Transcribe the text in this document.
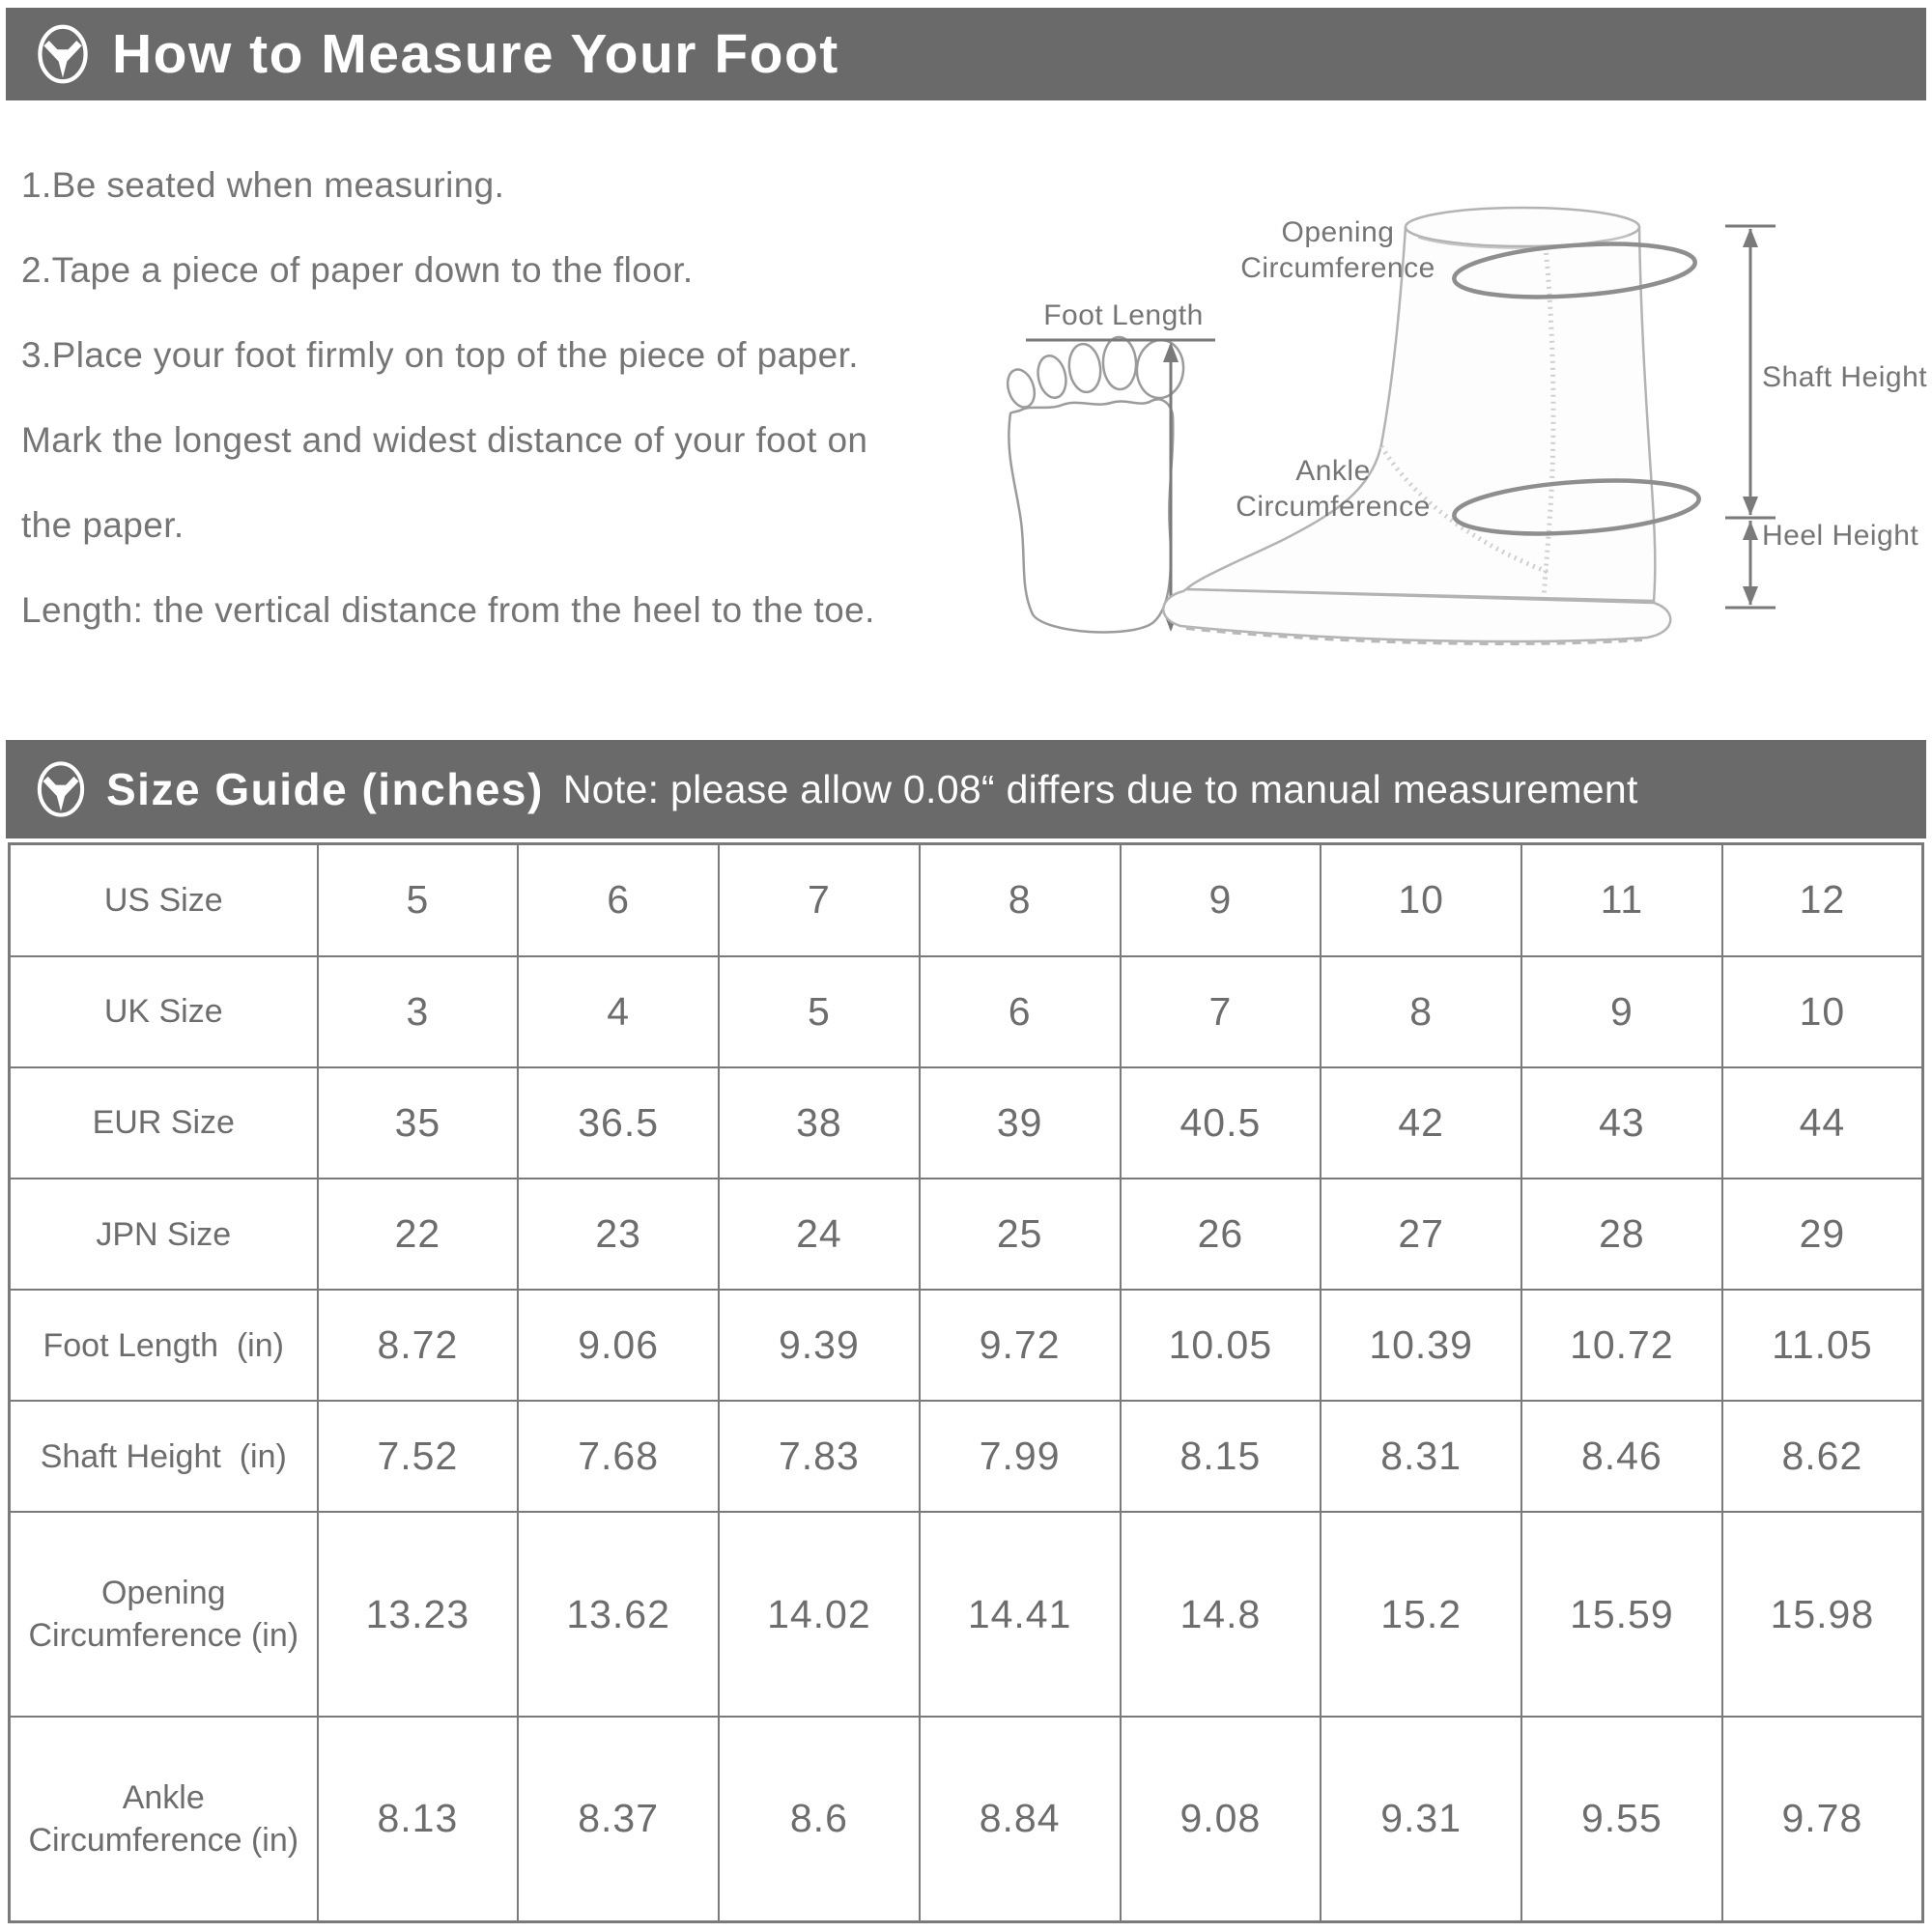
How to Measure Your Foot
1.Be seated when measuring.
2.Tape a piece of paper down to the floor.
3.Place your foot firmly on top of the piece of paper.
Mark the longest and widest distance of your foot on
the paper.
Length: the vertical distance from the heel to the toe.
Foot Length
Opening
Circumference
Ankle
Circumference
Shaft Height
Heel Height
Size Guide (inches) Note: please allow 0.08“ differs due to manual measurement
US Size	5	6	7	8	9	10	11	12
UK Size	3	4	5	6	7	8	9	10
EUR Size	35	36.5	38	39	40.5	42	43	44
JPN Size	22	23	24	25	26	27	28	29
Foot Length  (in)	8.72	9.06	9.39	9.72	10.05	10.39	10.72	11.05
Shaft Height  (in)	7.52	7.68	7.83	7.99	8.15	8.31	8.46	8.62
Opening Circumference (in)	13.23	13.62	14.02	14.41	14.8	15.2	15.59	15.98
Ankle Circumference (in)	8.13	8.37	8.6	8.84	9.08	9.31	9.55	9.78
